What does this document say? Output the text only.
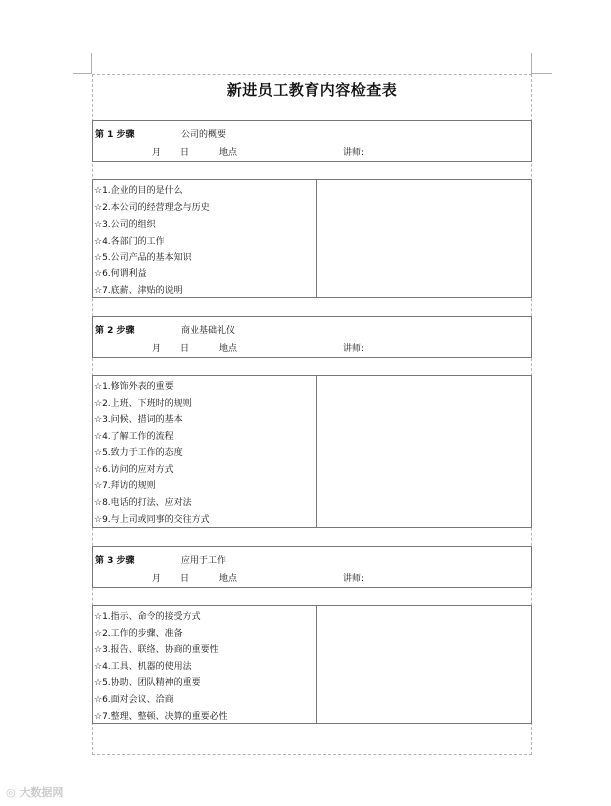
新进员工教育内容检查表
第 1 步骤	公司的概要
月 日	地点	讲师:
☆1.企业的目的是什么
☆2.本公司的经营理念与历史
☆3.公司的组织
☆4.各部门的工作
☆5.公司产品的基本知识
☆6.何谓利益
☆7.底薪、津贴的说明
第 2 步骤	商业基础礼仪
月 日	地点	讲师:
☆1.修饰外表的重要
☆2.上班、下班时的规则
☆3.问候、措词的基本
☆4.了解工作的流程
☆5.致力于工作的态度
☆6.访问的应对方式
☆7.拜访的规则
☆8.电话的打法、应对法
☆9.与上司或同事的交往方式
第 3 步骤	应用于工作
月 日	地点	讲师:
☆1.指示、命令的接受方式
☆2.工作的步骤、准备
☆3.报告、联络、协商的重要性
☆4.工具、机器的使用法
☆5.协助、团队精神的重要
☆6.面对会议、洽商
☆7.整理、整顿、决算的重要必性
◎ 大数据网
